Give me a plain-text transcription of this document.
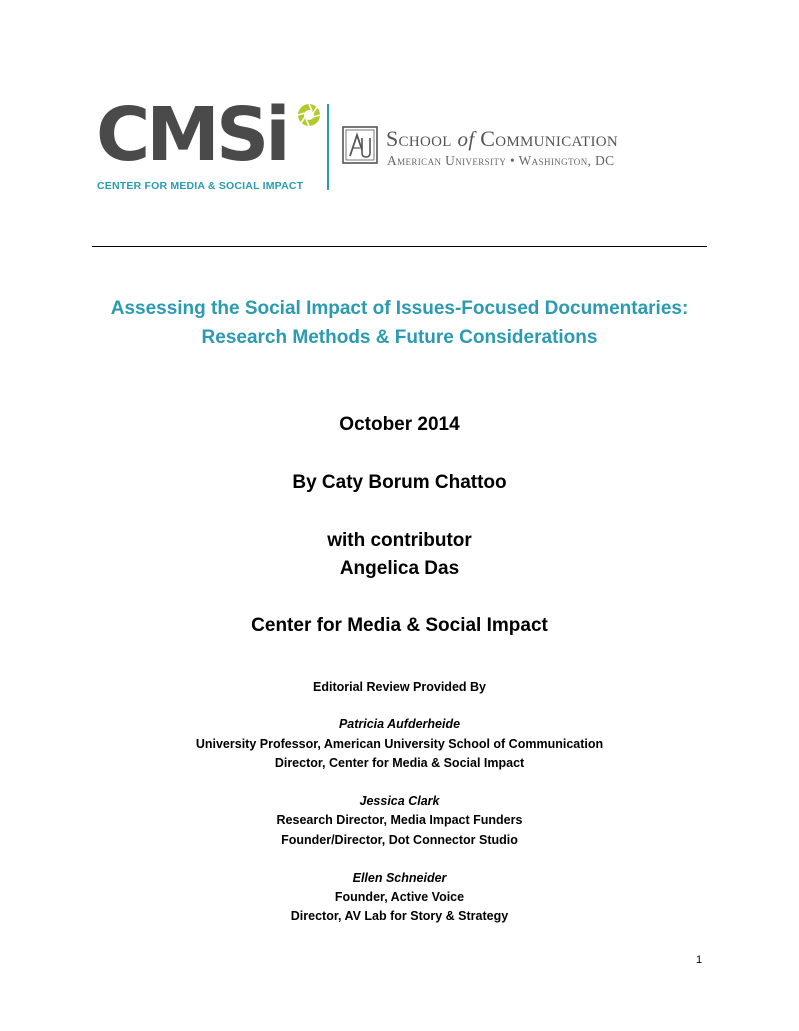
CMSi
CENTER FOR MEDIA & SOCIAL IMPACT
School of Communication
American University • Washington, DC
Assessing the Social Impact of Issues-Focused Documentaries:
Research Methods & Future Considerations
October 2014
By Caty Borum Chattoo
with contributor
Angelica Das
Center for Media & Social Impact
Editorial Review Provided By
Patricia Aufderheide
University Professor, American University School of Communication
Director, Center for Media & Social Impact
Jessica Clark
Research Director, Media Impact Funders
Founder/Director, Dot Connector Studio
Ellen Schneider
Founder, Active Voice
Director, AV Lab for Story & Strategy
1
